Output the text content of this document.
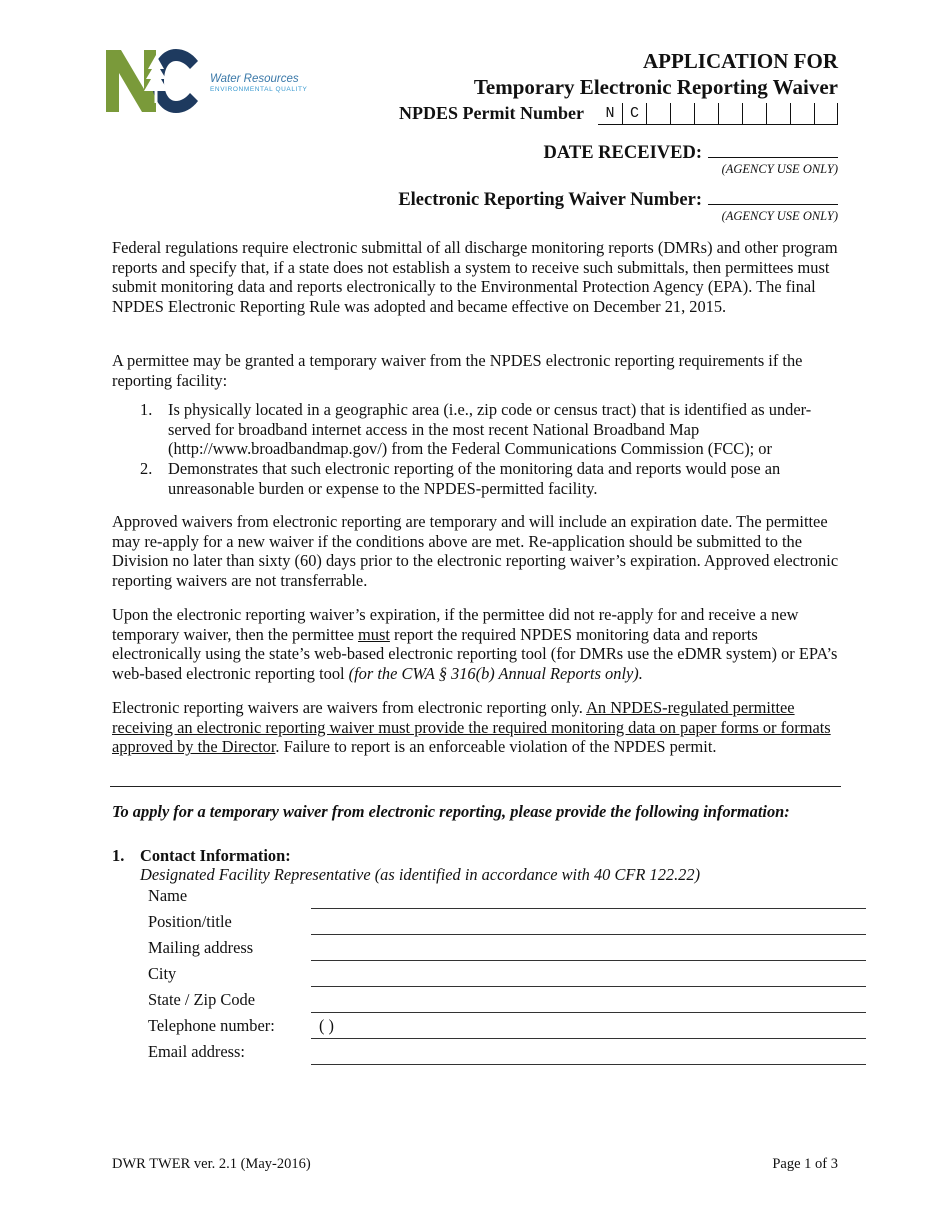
Water Resources
ENVIRONMENTAL QUALITY
APPLICATION FOR
Temporary Electronic Reporting Waiver
NPDES Permit Number	N	C
DATE RECEIVED:
(AGENCY USE ONLY)
Electronic Reporting Waiver Number:
(AGENCY USE ONLY)
Federal regulations require electronic submittal of all discharge monitoring reports (DMRs) and other program reports and specify that, if a state does not establish a system to receive such submittals, then permittees must submit monitoring data and reports electronically to the Environmental Protection Agency (EPA). The final NPDES Electronic Reporting Rule was adopted and became effective on December 21, 2015.
A permittee may be granted a temporary waiver from the NPDES electronic reporting requirements if the reporting facility:
1. Is physically located in a geographic area (i.e., zip code or census tract) that is identified as under-served for broadband internet access in the most recent National Broadband Map (http://www.broadbandmap.gov/) from the Federal Communications Commission (FCC); or
2. Demonstrates that such electronic reporting of the monitoring data and reports would pose an unreasonable burden or expense to the NPDES-permitted facility.
Approved waivers from electronic reporting are temporary and will include an expiration date. The permittee may re-apply for a new waiver if the conditions above are met. Re-application should be submitted to the Division no later than sixty (60) days prior to the electronic reporting waiver’s expiration. Approved electronic reporting waivers are not transferrable.
Upon the electronic reporting waiver’s expiration, if the permittee did not re-apply for and receive a new temporary waiver, then the permittee must report the required NPDES monitoring data and reports electronically using the state’s web-based electronic reporting tool (for DMRs use the eDMR system) or EPA’s web-based electronic reporting tool (for the CWA § 316(b) Annual Reports only).
Electronic reporting waivers are waivers from electronic reporting only. An NPDES-regulated permittee receiving an electronic reporting waiver must provide the required monitoring data on paper forms or formats approved by the Director. Failure to report is an enforceable violation of the NPDES permit.
To apply for a temporary waiver from electronic reporting, please provide the following information:
1. Contact Information:
Designated Facility Representative (as identified in accordance with 40 CFR 122.22)
Name
Position/title
Mailing address
City
State / Zip Code
Telephone number:	( )
Email address:
DWR TWER ver. 2.1 (May-2016)	Page 1 of 3
